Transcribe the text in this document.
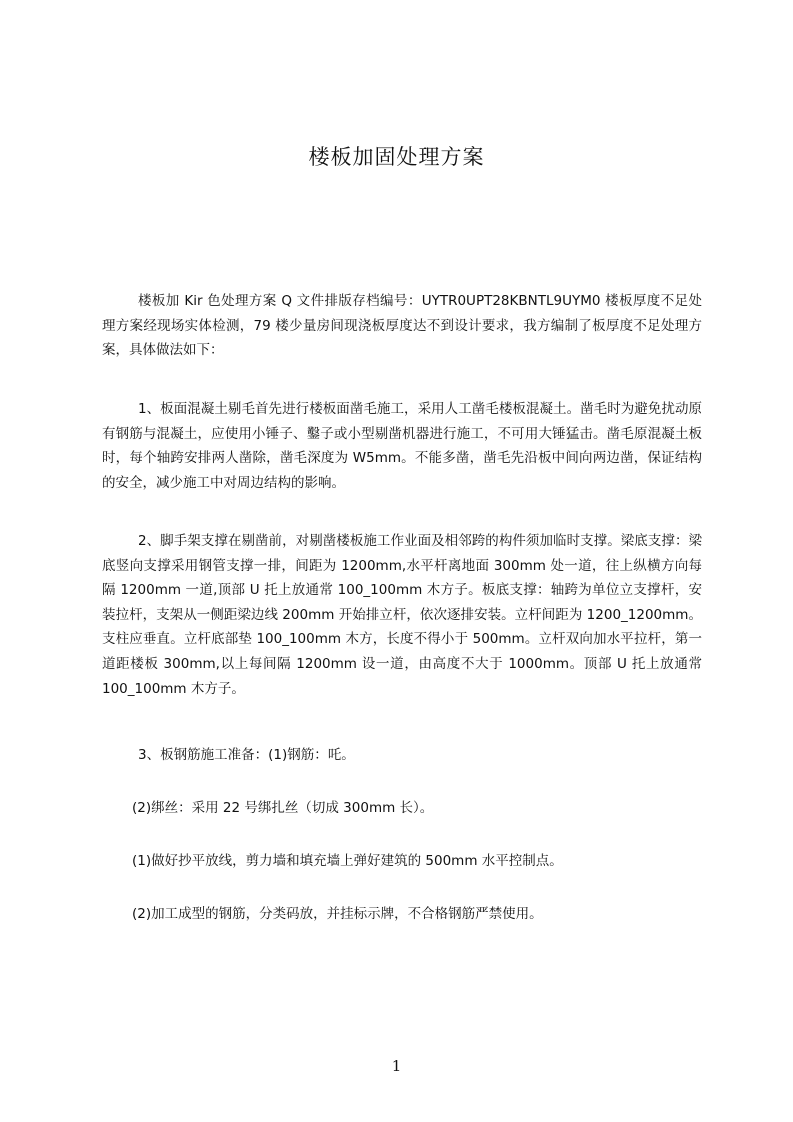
楼板加固处理方案

楼板加 Kir 色处理方案 Q 文件排版存档编号：UYTR0UPT28KBNTL9UYM0 楼板厚度不足处理方案经现场实体检测，79 楼少量房间现浇板厚度达不到设计要求，我方编制了板厚度不足处理方案，具体做法如下：

1、板面混凝土剔毛首先进行楼板面凿毛施工，采用人工凿毛楼板混凝土。凿毛时为避免扰动原有钢筋与混凝土，应使用小锤子、鑿子或小型剔凿机器进行施工，不可用大锤猛击。凿毛原混凝土板时，每个轴跨安排两人凿除，凿毛深度为 W5mm。不能多凿，凿毛先沿板中间向两边凿，保证结构的安全，减少施工中对周边结构的影响。

2、脚手架支撑在剔凿前，对剔凿楼板施工作业面及相邻跨的构件须加临时支撑。梁底支撑：梁底竖向支撑采用钢管支撑一排，间距为 1200mm,水平杆离地面 300mm 处一道，往上纵横方向每隔 1200mm 一道,顶部 U 托上放通常 100_100mm 木方子。板底支撑：轴跨为单位立支撑杆，安装拉杆，支架从一侧距梁边线 200mm 开始排立杆，依次逐排安装。立杆间距为 1200_1200mm。支柱应垂直。立杆底部垫 100_100mm 木方，长度不得小于 500mm。立杆双向加水平拉杆，第一道距楼板 300mm,以上每间隔 1200mm 设一道，由高度不大于 1000mm。顶部 U 托上放通常 100_100mm 木方子。

3、板钢筋施工准备：(1)钢筋：吒。

(2)绑丝：采用 22 号绑扎丝（切成 300mm 长）。

(1)做好抄平放线，剪力墙和填充墙上弹好建筑的 500mm 水平控制点。

(2)加工成型的钢筋，分类码放，并挂标示牌，不合格钢筋严禁使用。

1
